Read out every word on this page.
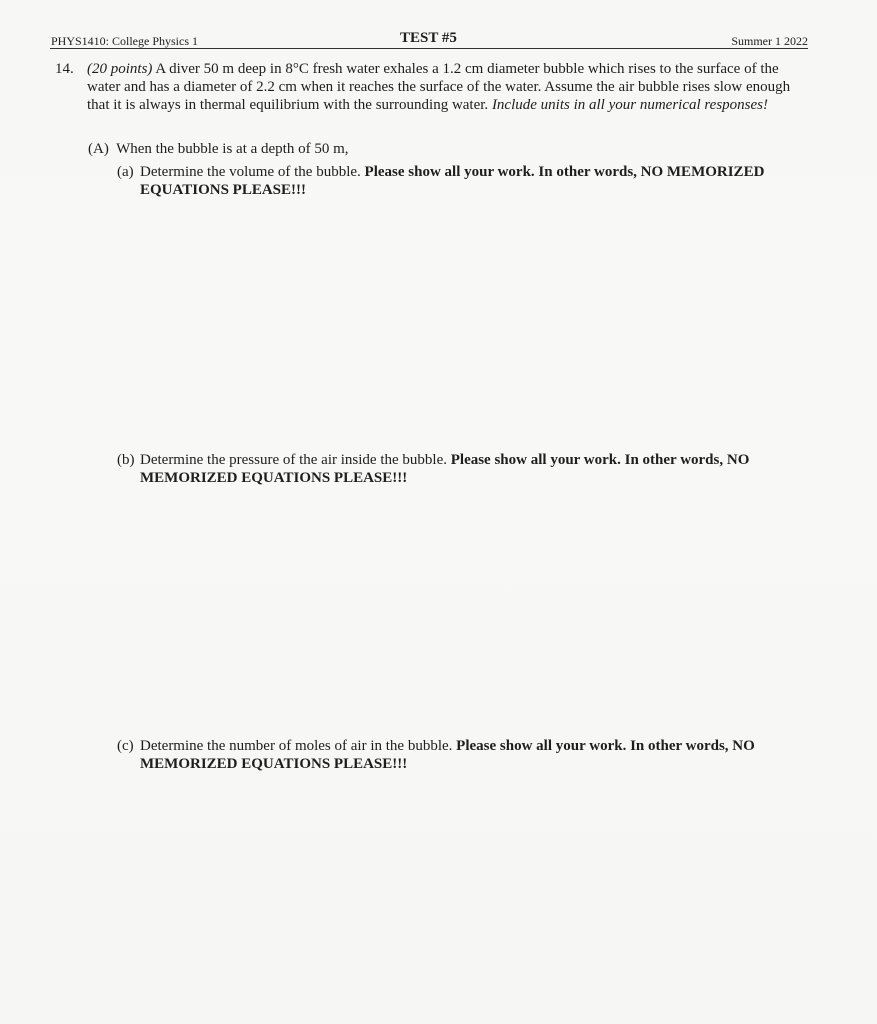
PHYS1410: College Physics 1	TEST #5	Summer 1 2022
14. (20 points) A diver 50 m deep in 8°C fresh water exhales a 1.2 cm diameter bubble which rises to the surface of the water and has a diameter of 2.2 cm when it reaches the surface of the water. Assume the air bubble rises slow enough that it is always in thermal equilibrium with the surrounding water. Include units in all your numerical responses!
(A) When the bubble is at a depth of 50 m,
(a) Determine the volume of the bubble. Please show all your work. In other words, NO MEMORIZED EQUATIONS PLEASE!!!
(b) Determine the pressure of the air inside the bubble. Please show all your work. In other words, NO MEMORIZED EQUATIONS PLEASE!!!
(c) Determine the number of moles of air in the bubble. Please show all your work. In other words, NO MEMORIZED EQUATIONS PLEASE!!!
